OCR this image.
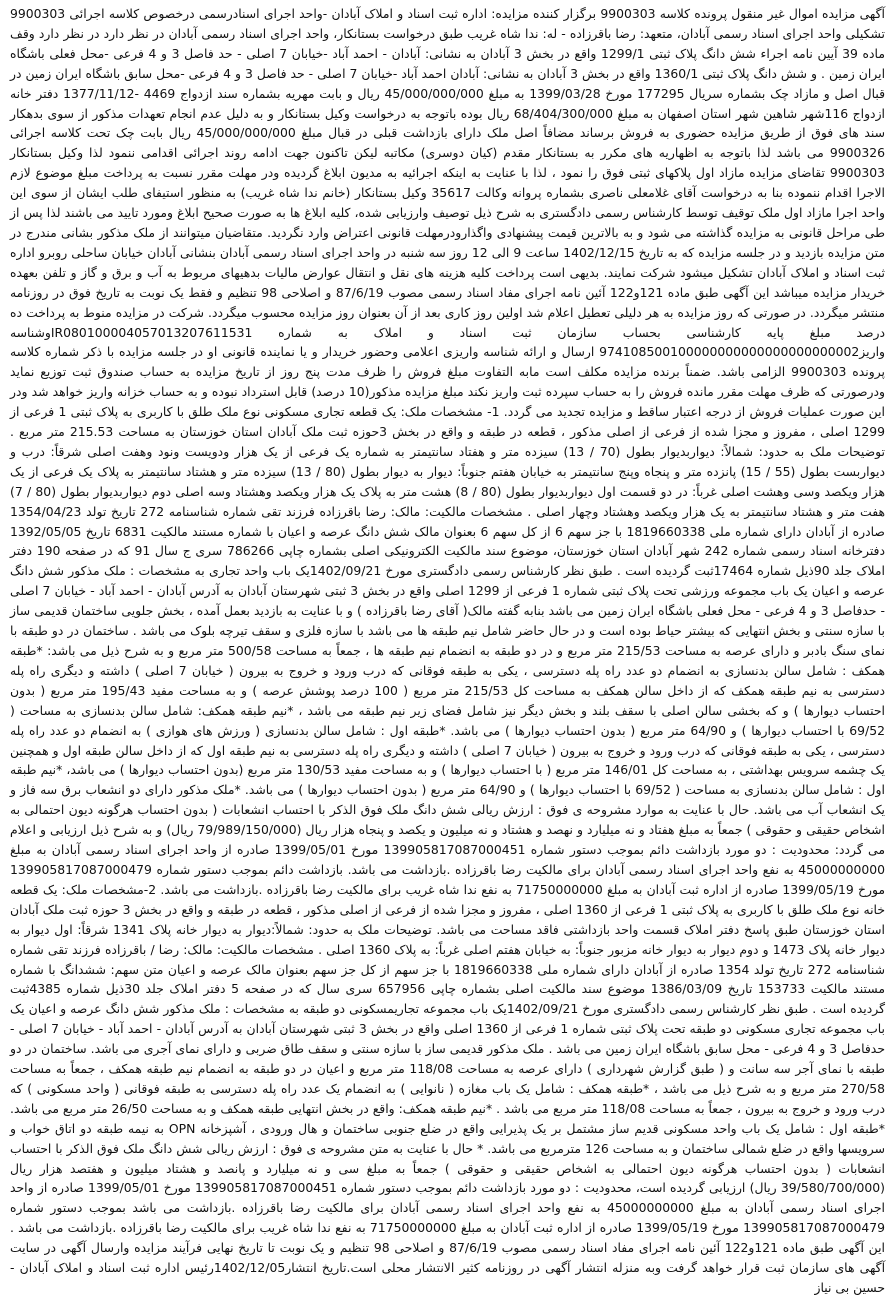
آگهی مزایده اموال غیر منقول پرونده کلاسه 9900303 برگزار کننده مزایده: اداره ثبت اسناد و املاک آبادان -واحد اجرای اسنادرسمی درخصوص کلاسه اجرائی 9900303 تشکیلی واحد اجرای اسناد رسمی آبادان، متعهد: رضا باقرزاده - له: ندا شاه غریب طبق درخواست بستانکار، واحد اجرای اسناد رسمی آبادان در نظر دارد در نظر دارد وقف ماده 39 آیین نامه اجراء شش دانگ پلاک ثبتی 1299/1 واقع در بخش 3 آبادان به نشانی: آبادان - احمد آباد -خیابان 7 اصلی - حد فاصل 3 و 4 فرعی -محل فعلی باشگاه ایران زمین . و شش دانگ پلاک ثبتی 1360/1 واقع در بخش 3 آبادان به نشانی: آبادان احمد آباد -خیابان 7 اصلی - حد فاصل 3 و 4 فرعی -محل سابق باشگاه ایران زمین در قبال اصل و مازاد چک بشماره سریال 177295 مورخ 1399/03/28 به مبلغ 45/000/000/000 ریال و بابت مهریه بشماره سند ازدواج 4469 -1377/11/12 دفتر خانه ازدواج 116شهر شاهین شهر استان اصفهان به مبلغ 68/404/300/000 ریال بوده باتوجه به درخواست وکیل بستانکار و به دلیل عدم انجام تعهدات مذکور از سوی بدهکار سند های فوق از طریق مزایده حضوری به فروش برساند مضافاً اصل ملک دارای بازداشت قبلی در قبال مبلغ 45/000/000/000 ریال بابت چک تحت کلاسه اجرائی 9900326 می باشد لذا باتوجه به اظهاریه های مکرر به بستانکار مقدم (کیان دوسری) مکاتبه لیکن تاکنون جهت ادامه روند اجرائی اقدامی ننمود لذا وکیل بستانکار 9900303 تقاضای مزایده مازاد اول پلاکهای ثبتی فوق را نمود ، لذا با عنایت به اینکه اجرائیه به مدیون ابلاغ گردیده ودر مهلت مقرر نسبت به پرداخت مبلغ موضوع لازم الاجرا اقدام ننموده بنا به درخواست آقای غلامعلی ناصری بشماره پروانه وکالت 35617 وکیل بستانکار (خانم ندا شاه غریب) به منظور استیفای طلب ایشان از سوی این واحد اجرا مازاد اول ملک توقیف توسط کارشناس رسمی دادگستری به شرح ذیل توصیف وارزیابی شده، کلیه ابلاغ ها به صورت صحیح ابلاغ ومورد تایید می باشند لذا پس از طی مراحل قانونی به مزایده گذاشته می شود و به بالاترین قیمت پیشنهادی واگذارودرمهلت قانونی اعتراض وارد نگردید. متقاضیان میتوانند از ملک مذکور بشانی مندرج در متن مزایده بازدید و در جلسه مزایده که به تاریخ 1402/12/15 ساعت 9 الی 12 روز سه شنبه در واحد اجرای اسناد رسمی آبادان بنشانی آبادان خیابان ساحلی روبرو اداره ثبت اسناد و املاک آبادان تشکیل میشود شرکت نمایند. بدیهی است پرداخت کلیه هزینه های نقل و انتقال عوارض مالیات بدهیهای مربوط به آب و برق و گاز و تلفن بعهده خریدار مزایده میباشد این آگهی طبق ماده 121و122 آئین نامه اجرای مفاد اسناد رسمی مصوب 87/6/19 و اصلاحی 98 تنظیم و فقط یک نوبت به تاریخ فوق در روزنامه منتشر میگردد. در صورتی که روز مزایده به هر دلیلی تعطیل اعلام شد اولین روز کاری بعد از آن بعنوان روز مزایده محسوب میگردد. شرکت در مزایده منوط به پرداخت ده درصد مبلغ پایه کارشناسی بحساب سازمان ثبت اسناد و املاک به شماره IR080100004057013207611531وشناسه واریز974108500100000000000000000000002 ارسال و ارائه شناسه واریزی اعلامی وحضور خریدار و یا نماینده قانونی او در جلسه مزایده با ذکر شماره کلاسه پرونده 9900303 الزامی باشد. ضمناً برنده مزایده مکلف است مابه التفاوت مبلغ فروش را ظرف مدت پنج روز از تاریخ مزایده به حساب صندوق ثبت توزیع نماید ودرصورتی که ظرف مهلت مقرر مانده فروش را به حساب سپرده ثبت واریز نکند مبلغ مزایده مذکور(10 درصد) قابل استرداد نبوده و به حساب خزانه واریز خواهد شد ودر این صورت عملیات فروش از درجه اعتبار ساقط و مزایده تجدید می گردد. 1- مشخصات ملک: یک قطعه تجاری مسکونی نوع ملک طلق با کاربری به پلاک ثبتی 1 فرعی از 1299 اصلی ، مفروز و مجزا شده از فرعی از اصلی مذکور ، قطعه در طبقه و واقع در بخش 3حوزه ثبت ملک آبادان استان خوزستان به مساحت 215.53 متر مربع . توضیحات ملک به حدود: شمالاً: دیواربدیوار بطول (70 / 13) سیزده متر و هفتاد سانتیمتر به شماره یک فرعی از یک هزار ودویست ونود وهفت اصلی شرقاً: درب و دیواربست بطول (55 / 15) پانزده متر و پنجاه وپنج سانتیمتر به خیابان هفتم جنوباً: دیوار به دیوار بطول (80 / 13) سیزده متر و هشتاد سانتیمتر به پلاک یک فرعی از یک هزار ویکصد وسی وهشت اصلی غرباً: در دو قسمت اول دیواربدیوار بطول (80 / 8) هشت متر به پلاک یک هزار ویکصد وهشتاد وسه اصلی دوم دیواربدیوار بطول (80 / 7) هفت متر و هشتاد سانتیمتر به یک هزار ویکصد وهشتاد وچهار اصلی . مشخصات مالکیت: مالک: رضا باقرزاده فرزند تقی شماره شناسنامه 272 تاریخ تولد 1354/04/23 صادره از آبادان دارای شماره ملی 1819660338 با جز سهم 6 از کل سهم 6 بعنوان مالک شش دانگ عرصه و اعیان با شماره مستند مالکیت 6831 تاریخ 1392/05/05 دفترخانه اسناد رسمی شماره 242 شهر آبادان استان خوزستان، موضوع سند مالکیت الکترونیکی اصلی بشماره چاپی 786266 سری ج سال 91 که در صفحه 190 دفتر املاک جلد 90ذیل شماره 17464ثبت گردیده است . طبق نظر کارشناس رسمی دادگستری مورخ 1402/09/21یک باب واحد تجاری به مشخصات : ملک مذکور شش دانگ عرصه و اعیان یک باب مجموعه ورزشی تحت پلاک ثبتی شماره 1 فرعی از 1299 اصلی واقع در بخش 3 ثبتی شهرستان آبادان به آدرس آبادان - احمد آباد - خیابان 7 اصلی - حدفاصل 3 و 4 فرعی - محل فعلی باشگاه ایران زمین می باشد بنابه گفته مالک( آقای رضا باقرزاده ) و با عنایت به بازدید بعمل آمده ، بخش جلویی ساختمان قدیمی ساز با سازه سنتی و بخش انتهایی که بیشتر حیاط بوده است و در حال حاضر شامل نیم طبقه ها می باشد با سازه فلزی و سقف تیرچه بلوک می باشد . ساختمان در دو طبقه با نمای سنگ بادبر و دارای عرصه به مساحت 215/53 متر مربع و در دو طبقه به انضمام نیم طبقه ها ، جمعاً به مساحت 500/58 متر مربع و به شرح ذیل می باشد: *طبقه همکف : شامل سالن بدنسازی به انضمام دو عدد راه پله دسترسی ، یکی به طبقه فوقانی که درب ورود و خروج به بیرون ( خیابان 7 اصلی ) داشته و دیگری راه پله دسترسی به نیم طبقه همکف که از داخل سالن همکف به مساحت کل 215/53 متر مربع ( 100 درصد پوشش عرصه ) و به مساحت مفید 195/43 متر مربع ( بدون احتساب دیوارها ) و که بخشی سالن اصلی با سقف بلند و بخش دیگر نیز شامل فضای زیر نیم طبقه می باشد ، *نیم طبقه همکف: شامل سالن بدنسازی به مساحت ( 69/52 با احتساب دیوارها ) و 64/90 متر مربع ( بدون احتساب دیوارها ) می باشد. *طبقه اول : شامل سالن بدنسازی ( ورزش های هوازی ) به انضمام دو عدد راه پله دسترسی ، یکی به طبقه فوقانی که درب ورود و خروج به بیرون ( خیابان 7 اصلی ) داشته و دیگری راه پله دسترسی به نیم طبقه اول که از داخل سالن طبقه اول و همچنین یک چشمه سرویس بهداشتی ، به مساحت کل 146/01 متر مربع ( با احتساب دیوارها ) و به مساحت مفید 130/53 متر مربع (بدون احتساب دیوارها ) می باشد، *نیم طبقه اول : شامل سالن بدنسازی به مساحت ( 69/52 با احتساب دیوارها ) و 64/90 متر مربع ( بدون احتساب دیوارها ) می باشد. *ملک مذکور دارای دو انشعاب برق سه فاز و یک انشعاب آب می باشد. حال با عنایت به موارد مشروحه ی فوق : ارزش ریالی شش دانگ ملک فوق الذکر با احتساب انشعابات ( بدون احتساب هرگونه دیون احتمالی به اشخاص حقیقی و حقوقی ) جمعاً به مبلغ هفتاد و نه میلیارد و نهصد و هشتاد و نه میلیون و یکصد و پنجاه هزار ریال (79/989/150/000 ریال) و به شرح ذیل ارزیابی و اعلام می گردد: محدودیت : دو مورد بازداشت دائم بموجب دستور شماره 139905817087000451 مورخ 1399/05/01 صادره از واحد اجرای اسناد رسمی آبادان به مبلغ 45000000000 به نفع واحد اجرای اسناد رسمی آبادان برای مالکیت رضا باقرزاده .بازداشت می باشد. بازداشت دائم بموجب دستور شماره 139905817087000479 مورخ 1399/05/19 صادره از اداره ثبت آبادان به مبلغ 71750000000 به نفع ندا شاه غریب برای مالکیت رضا باقرزاده .بازداشت می باشد. 2-مشخصات ملک: یک قطعه خانه نوع ملک طلق با کاربری به پلاک ثبتی 1 فرعی از 1360 اصلی ، مفروز و مجزا شده از فرعی از اصلی مذکور ، قطعه در طبقه و واقع در بخش 3 حوزه ثبت ملک آبادان استان خوزستان طبق پاسخ دفتر املاک قسمت واحد بازداشتی فاقد مساحت می باشد. توضیحات ملک به حدود: شمالاً:دیوار به دیوار خانه پلاک 1341 شرقاً: اول دیوار به دیوار خانه پلاک 1473 و دوم دیوار به دیوار خانه مزبور جنوباً: به خیابان هفتم اصلی غرباً: به پلاک 1360 اصلی . مشخصات مالکیت: مالک: رضا / باقرزاده فرزند تقی شماره شناسنامه 272 تاریخ تولد 1354 صادره از آبادان دارای شماره ملی 1819660338 با جز سهم از کل جز سهم بعنوان مالک عرصه و اعیان متن سهم: ششدانگ با شماره مستند مالکیت 153733 تاریخ 1386/03/09 موضوع سند مالکیت اصلی بشماره چاپی 657956 سری سال که در صفحه 5 دفتر املاک جلد 30ذیل شماره 4385ثبت گردیده است . طبق نظر کارشناس رسمی دادگستری مورخ 1402/09/21یک باب مجموعه تجاریمسکونی دو طبقه به مشخصات : ملک مذکور شش دانگ عرصه و اعیان یک باب مجموعه تجاری مسکونی دو طبقه تحت پلاک ثبتی شماره 1 فرعی از 1360 اصلی واقع در بخش 3 ثبتی شهرستان آبادان به آدرس آبادان - احمد آباد - خیابان 7 اصلی - حدفاصل 3 و 4 فرعی - محل سابق باشگاه ایران زمین می باشد . ملک مذکور قدیمی ساز با سازه سنتی و سقف طاق ضربی و دارای نمای آجری می باشد. ساختمان در دو طبقه با نمای آجر سه سانت و ( طبق گزارش شهرداری ) دارای عرصه به مساحت 118/08 متر مربع و اعیان در دو طبقه به انضمام نیم طبقه همکف ، جمعاً به مساحت 270/58 متر مربع و به شرح ذیل می باشد ، *طبقه همکف : شامل یک باب مغازه ( نانوایی ) به انضمام یک عدد راه پله دسترسی به طبقه فوقانی ( واحد مسکونی ) که درب ورود و خروج به بیرون ، جمعاً به مساحت 118/08 متر مربع می باشد . *نیم طبقه همکف: واقع در بخش انتهایی طبقه همکف و به مساحت 26/50 متر مربع می باشد. *طبقه اول : شامل یک باب واحد مسکونی قدیم ساز مشتمل بر یک پذیرایی واقع در ضلع جنوبی ساختمان و هال ورودی ، آشپزخانه OPN به نیمه طبقه دو اتاق خواب و سرویسها واقع در ضلع شمالی ساختمان و به مساحت 126 مترمربع می باشد. * حال با عنایت به متن مشروحه ی فوق : ارزش ریالی شش دانگ ملک فوق الذکر با احتساب انشعابات ( بدون احتساب هرگونه دیون احتمالی به اشخاص حقیقی و حقوقی ) جمعاً به مبلغ سی و نه میلیارد و پانصد و هشتاد میلیون و هفتصد هزار ریال (39/580/700/000 ریال) ارزیابی گردیده است، محدودیت : دو مورد بازداشت دائم بموجب دستور شماره 139905817087000451 مورخ 1399/05/01 صادره از واحد اجرای اسناد رسمی آبادان به مبلغ 45000000000 به نفع واحد اجرای اسناد رسمی آبادان برای مالکیت رضا باقرزاده .بازداشت می باشد بموجب دستور شماره 139905817087000479 مورخ 1399/05/19 صادره از اداره ثبت آبادان به مبلغ 71750000000 به نفع ندا شاه غریب برای مالکیت رضا باقرزاده .بازداشت می باشد . این آگهی طبق ماده 121و122 آئین نامه اجرای مفاد اسناد رسمی مصوب 87/6/19 و اصلاحی 98 تنظیم و یک نوبت تا تاریخ نهایی فرآیند مزایده وارسال آگهی در سایت آگهی های سازمان ثبت قرار خواهد گرفت وبه منزله انتشار آگهی در روزنامه کثیر الانتشار محلی است.تاریخ انتشار1402/12/05رئیس اداره ثبت اسناد و املاک آبادان - حسین بی نیاز
